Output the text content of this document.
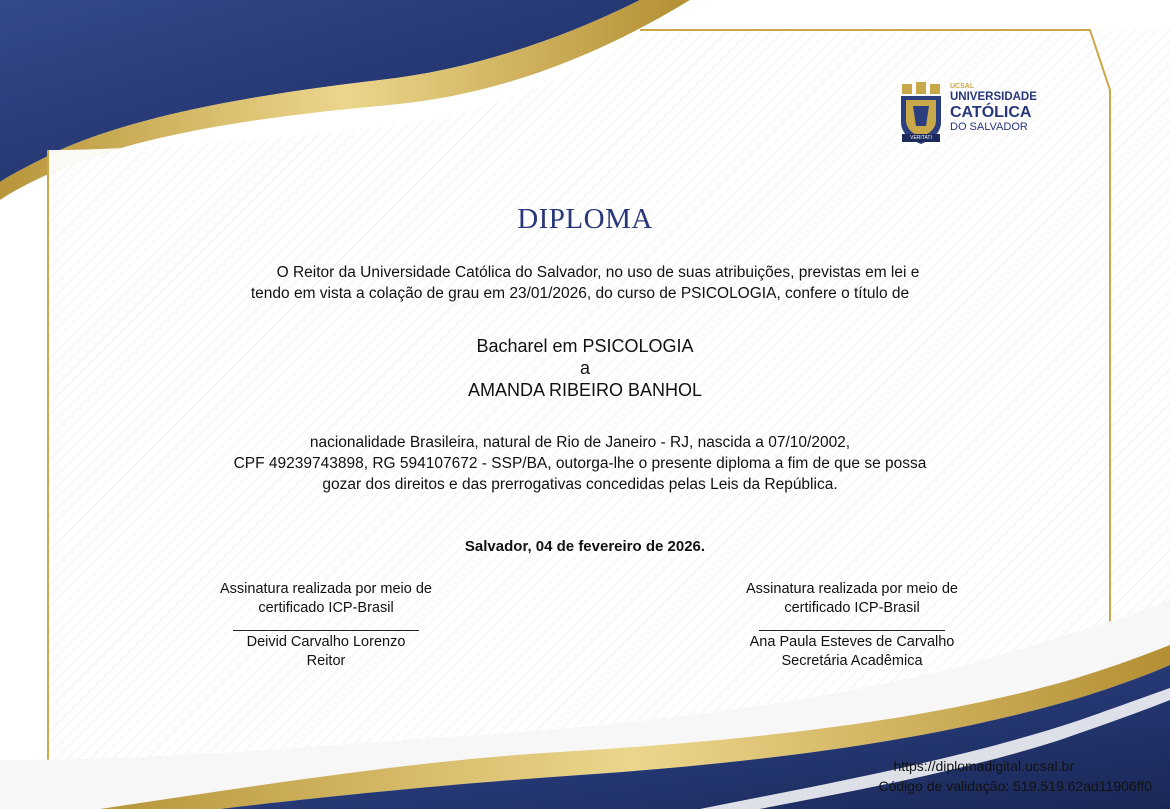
UCSAL
UNIVERSIDADE
CATÓLICA
DO SALVADOR
VERITATI
DIPLOMA
O Reitor da Universidade Católica do Salvador, no uso de suas atribuições, previstas em lei e
tendo em vista a colação de grau em 23/01/2026, do curso de PSICOLOGIA, confere o título de
Bacharel em PSICOLOGIA
a
AMANDA RIBEIRO BANHOL
nacionalidade Brasileira, natural de Rio de Janeiro - RJ, nascida a 07/10/2002,
CPF 49239743898, RG 594107672 - SSP/BA, outorga-lhe o presente diploma a fim de que se possa
gozar dos direitos e das prerrogativas concedidas pelas Leis da República.
Salvador, 04 de fevereiro de 2026.
Assinatura realizada por meio de
certificado ICP-Brasil
Deivid Carvalho Lorenzo
Reitor
Assinatura realizada por meio de
certificado ICP-Brasil
Ana Paula Esteves de Carvalho
Secretária Acadêmica
https://diplomadigital.ucsal.br
Código de validação: 519.519.62ad11906ff0
